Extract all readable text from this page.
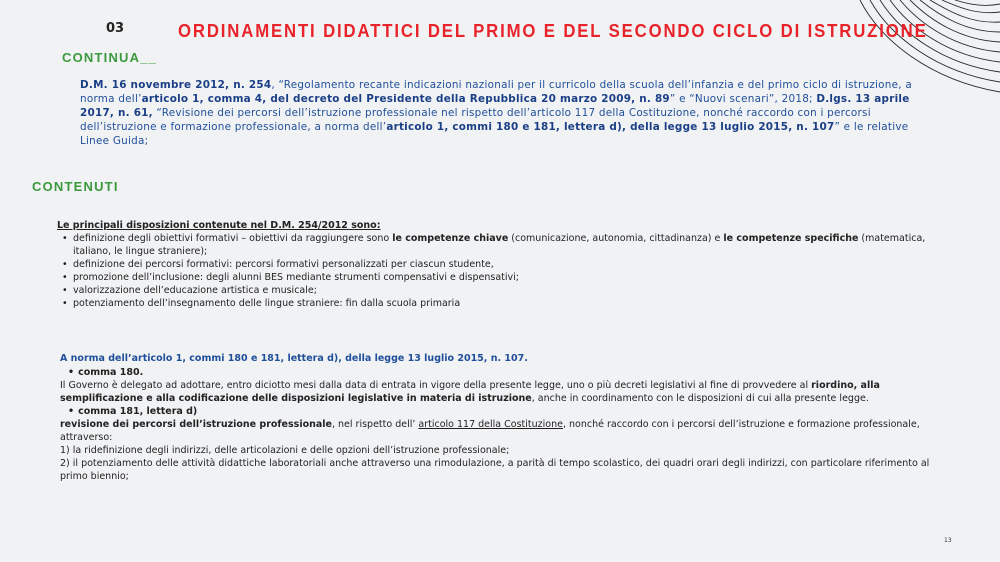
03	ORDINAMENTI DIDATTICI DEL PRIMO E DEL SECONDO CICLO DI ISTRUZIONE
CONTINUA__
D.M. 16 novembre 2012, n. 254, “Regolamento recante indicazioni nazionali per il curricolo della scuola dell’infanzia e del primo ciclo di istruzione, a norma dell’articolo 1, comma 4, del decreto del Presidente della Repubblica 20 marzo 2009, n. 89” e “Nuovi scenari”, 2018; D.lgs. 13 aprile 2017, n. 61, “Revisione dei percorsi dell’istruzione professionale nel rispetto dell’articolo 117 della Costituzione, nonché raccordo con i percorsi dell’istruzione e formazione professionale, a norma dell’articolo 1, commi 180 e 181, lettera d), della legge 13 luglio 2015, n. 107” e le relative Linee Guida;
CONTENUTI
Le principali disposizioni contenute nel D.M. 254/2012 sono:
• definizione degli obiettivi formativi – obiettivi da raggiungere sono le competenze chiave (comunicazione, autonomia, cittadinanza) e le competenze specifiche (matematica, italiano, le lingue straniere);
• definizione dei percorsi formativi: percorsi formativi personalizzati per ciascun studente,
• promozione dell’inclusione: degli alunni BES mediante strumenti compensativi e dispensativi;
• valorizzazione dell’educazione artistica e musicale;
• potenziamento dell’insegnamento delle lingue straniere: fin dalla scuola primaria
A norma dell’articolo 1, commi 180 e 181, lettera d), della legge 13 luglio 2015, n. 107.
• comma 180.
Il Governo è delegato ad adottare, entro diciotto mesi dalla data di entrata in vigore della presente legge, uno o più decreti legislativi al fine di provvedere al riordino, alla semplificazione e alla codificazione delle disposizioni legislative in materia di istruzione, anche in coordinamento con le disposizioni di cui alla presente legge.
• comma 181, lettera d)
revisione dei percorsi dell’istruzione professionale, nel rispetto dell’ articolo 117 della Costituzione, nonché raccordo con i percorsi dell’istruzione e formazione professionale, attraverso:
1) la ridefinizione degli indirizzi, delle articolazioni e delle opzioni dell’istruzione professionale;
2) il potenziamento delle attività didattiche laboratoriali anche attraverso una rimodulazione, a parità di tempo scolastico, dei quadri orari degli indirizzi, con particolare riferimento al primo biennio;
13
